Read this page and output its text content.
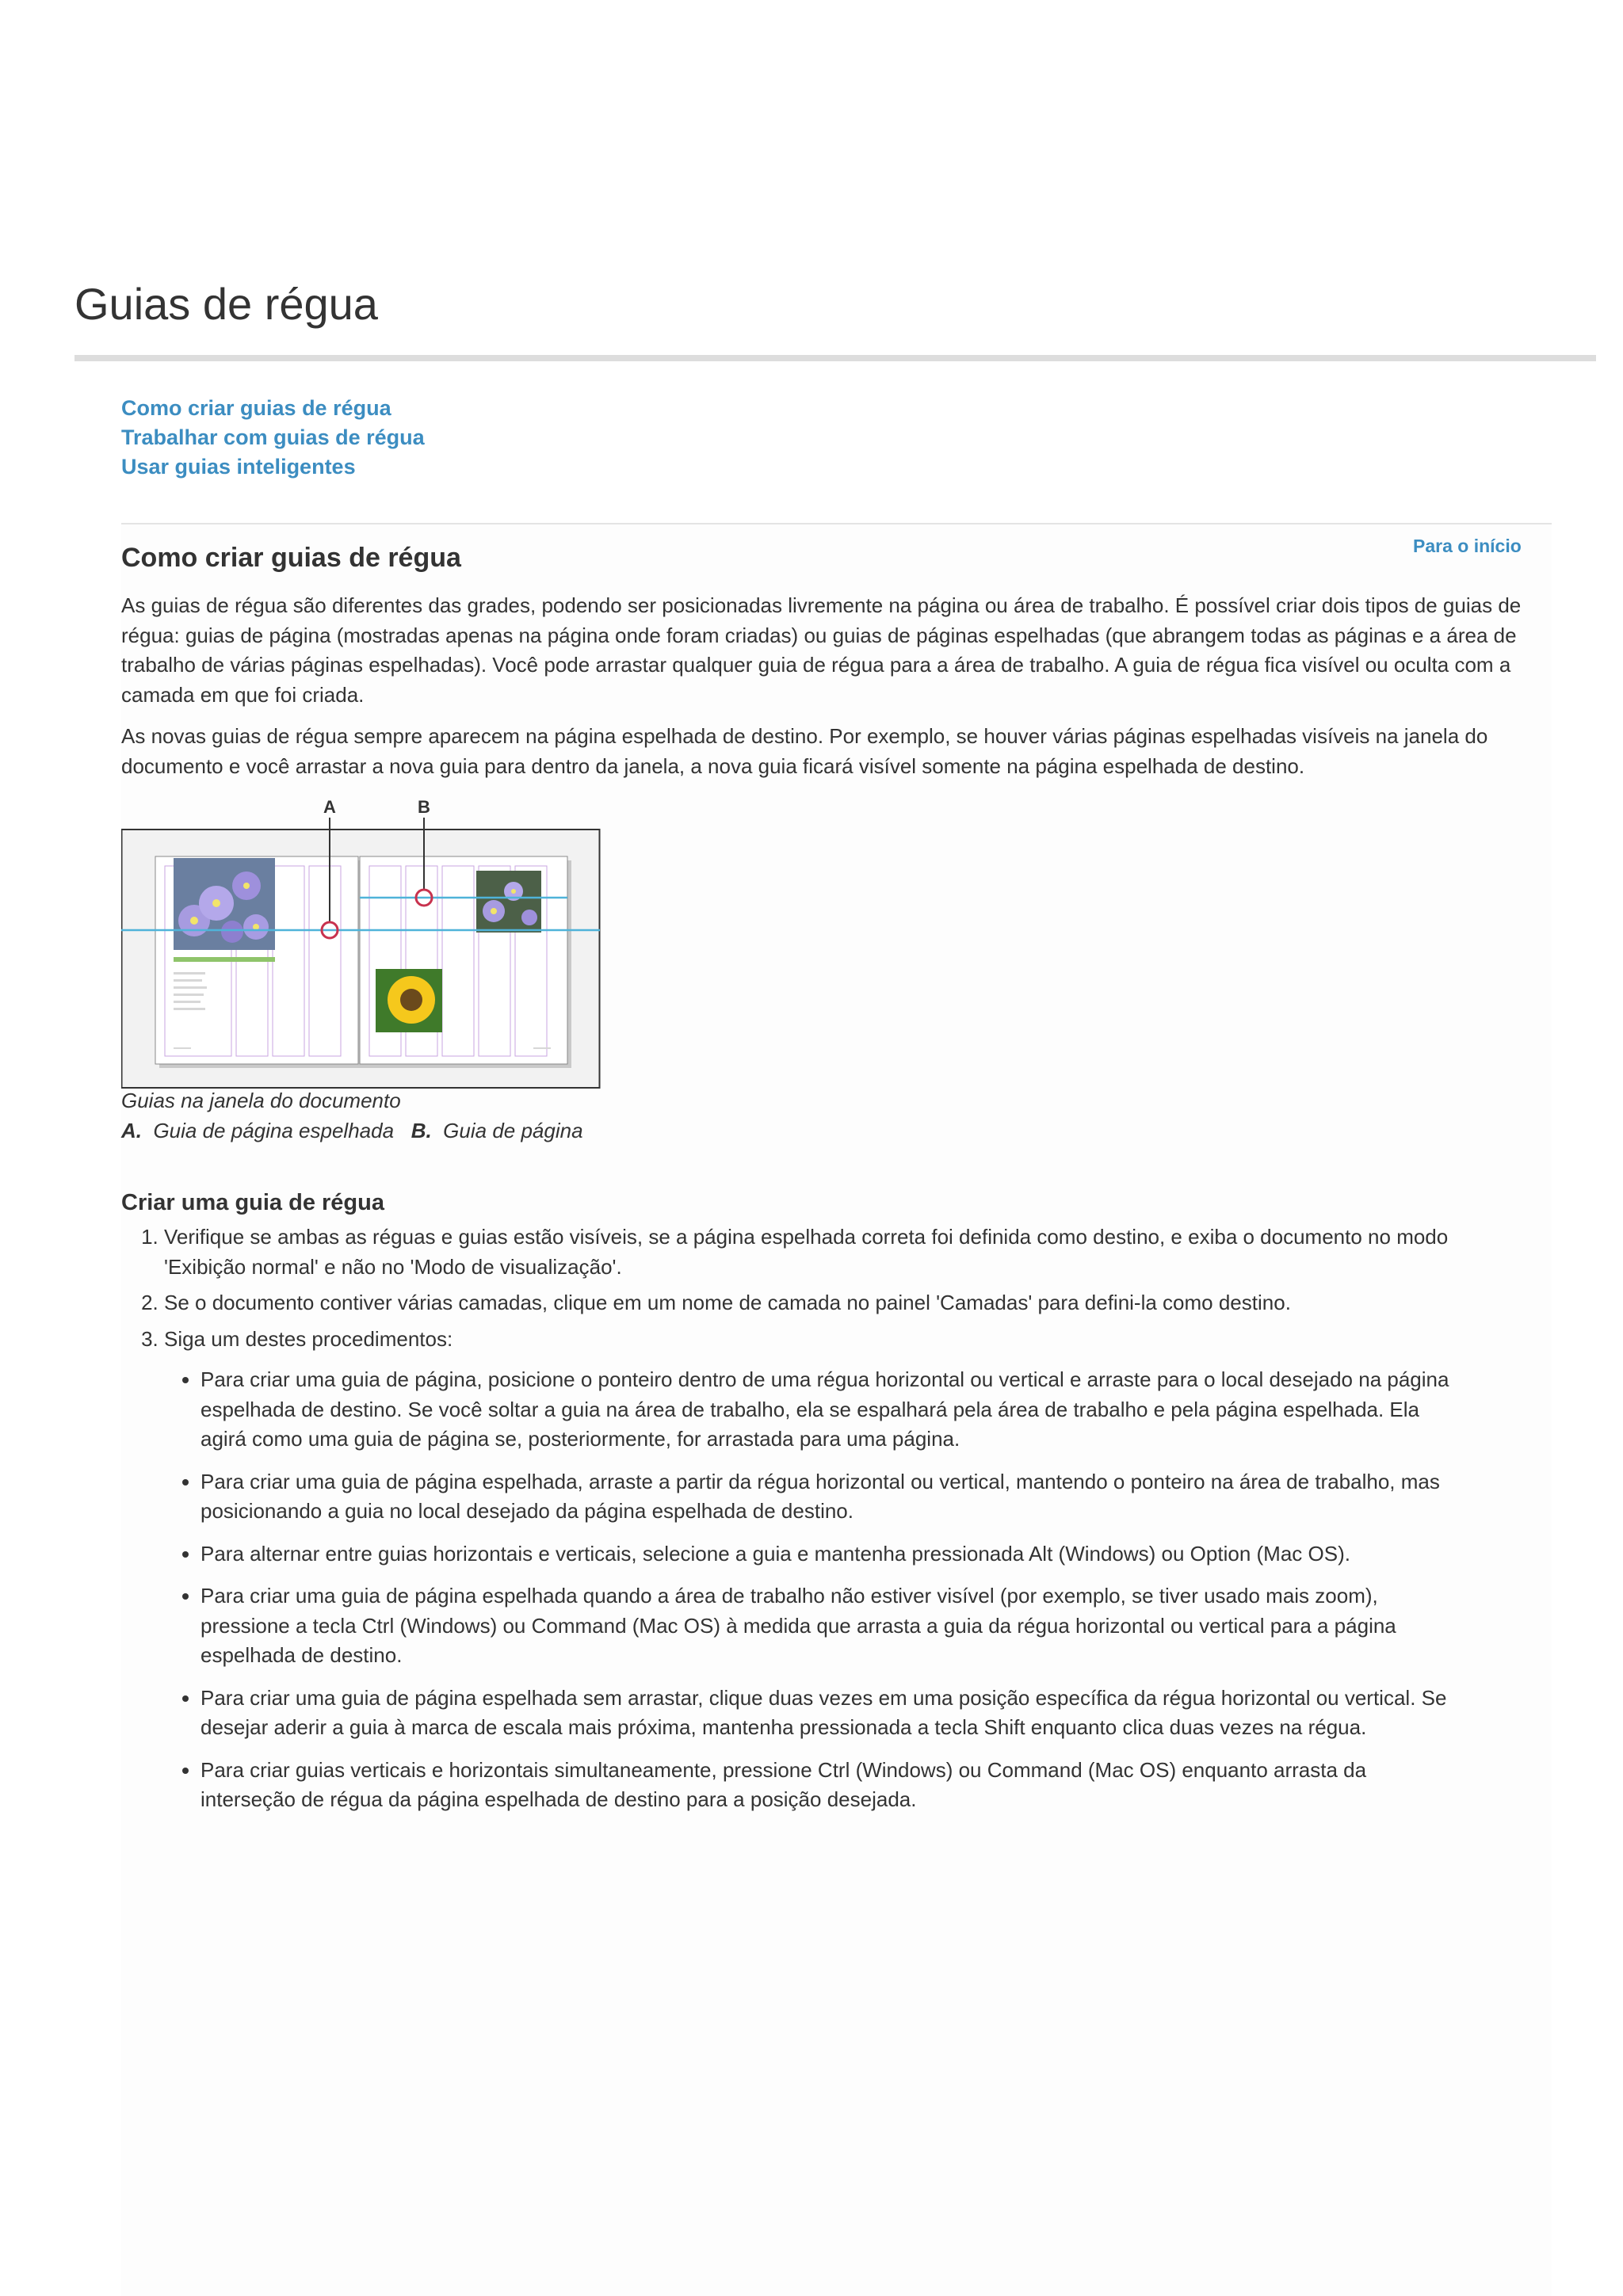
Guias de régua
Como criar guias de régua
Trabalhar com guias de régua
Usar guias inteligentes
Para o início
Como criar guias de régua

As guias de régua são diferentes das grades, podendo ser posicionadas livremente na página ou área de trabalho. É possível criar dois tipos de guias de régua: guias de página (mostradas apenas na página onde foram criadas) ou guias de páginas espelhadas (que abrangem todas as páginas e a área de trabalho de várias páginas espelhadas). Você pode arrastar qualquer guia de régua para a área de trabalho. A guia de régua fica visível ou oculta com a camada em que foi criada.

As novas guias de régua sempre aparecem na página espelhada de destino. Por exemplo, se houver várias páginas espelhadas visíveis na janela do documento e você arrastar a nova guia para dentro da janela, a nova guia ficará visível somente na página espelhada de destino.

A	B
Guias na janela do documento
A. Guia de página espelhada B. Guia de página
Criar uma guia de régua
1. Verifique se ambas as réguas e guias estão visíveis, se a página espelhada correta foi definida como destino, e exiba o documento no modo 'Exibição normal' e não no 'Modo de visualização'.
2. Se o documento contiver várias camadas, clique em um nome de camada no painel 'Camadas' para defini-la como destino.
3. Siga um destes procedimentos:
• Para criar uma guia de página, posicione o ponteiro dentro de uma régua horizontal ou vertical e arraste para o local desejado na página espelhada de destino. Se você soltar a guia na área de trabalho, ela se espalhará pela área de trabalho e pela página espelhada. Ela agirá como uma guia de página se, posteriormente, for arrastada para uma página.
• Para criar uma guia de página espelhada, arraste a partir da régua horizontal ou vertical, mantendo o ponteiro na área de trabalho, mas posicionando a guia no local desejado da página espelhada de destino.
• Para alternar entre guias horizontais e verticais, selecione a guia e mantenha pressionada Alt (Windows) ou Option (Mac OS).
• Para criar uma guia de página espelhada quando a área de trabalho não estiver visível (por exemplo, se tiver usado mais zoom), pressione a tecla Ctrl (Windows) ou Command (Mac OS) à medida que arrasta a guia da régua horizontal ou vertical para a página espelhada de destino.
• Para criar uma guia de página espelhada sem arrastar, clique duas vezes em uma posição específica da régua horizontal ou vertical. Se desejar aderir a guia à marca de escala mais próxima, mantenha pressionada a tecla Shift enquanto clica duas vezes na régua.
• Para criar guias verticais e horizontais simultaneamente, pressione Ctrl (Windows) ou Command (Mac OS) enquanto arrasta da interseção de régua da página espelhada de destino para a posição desejada.
